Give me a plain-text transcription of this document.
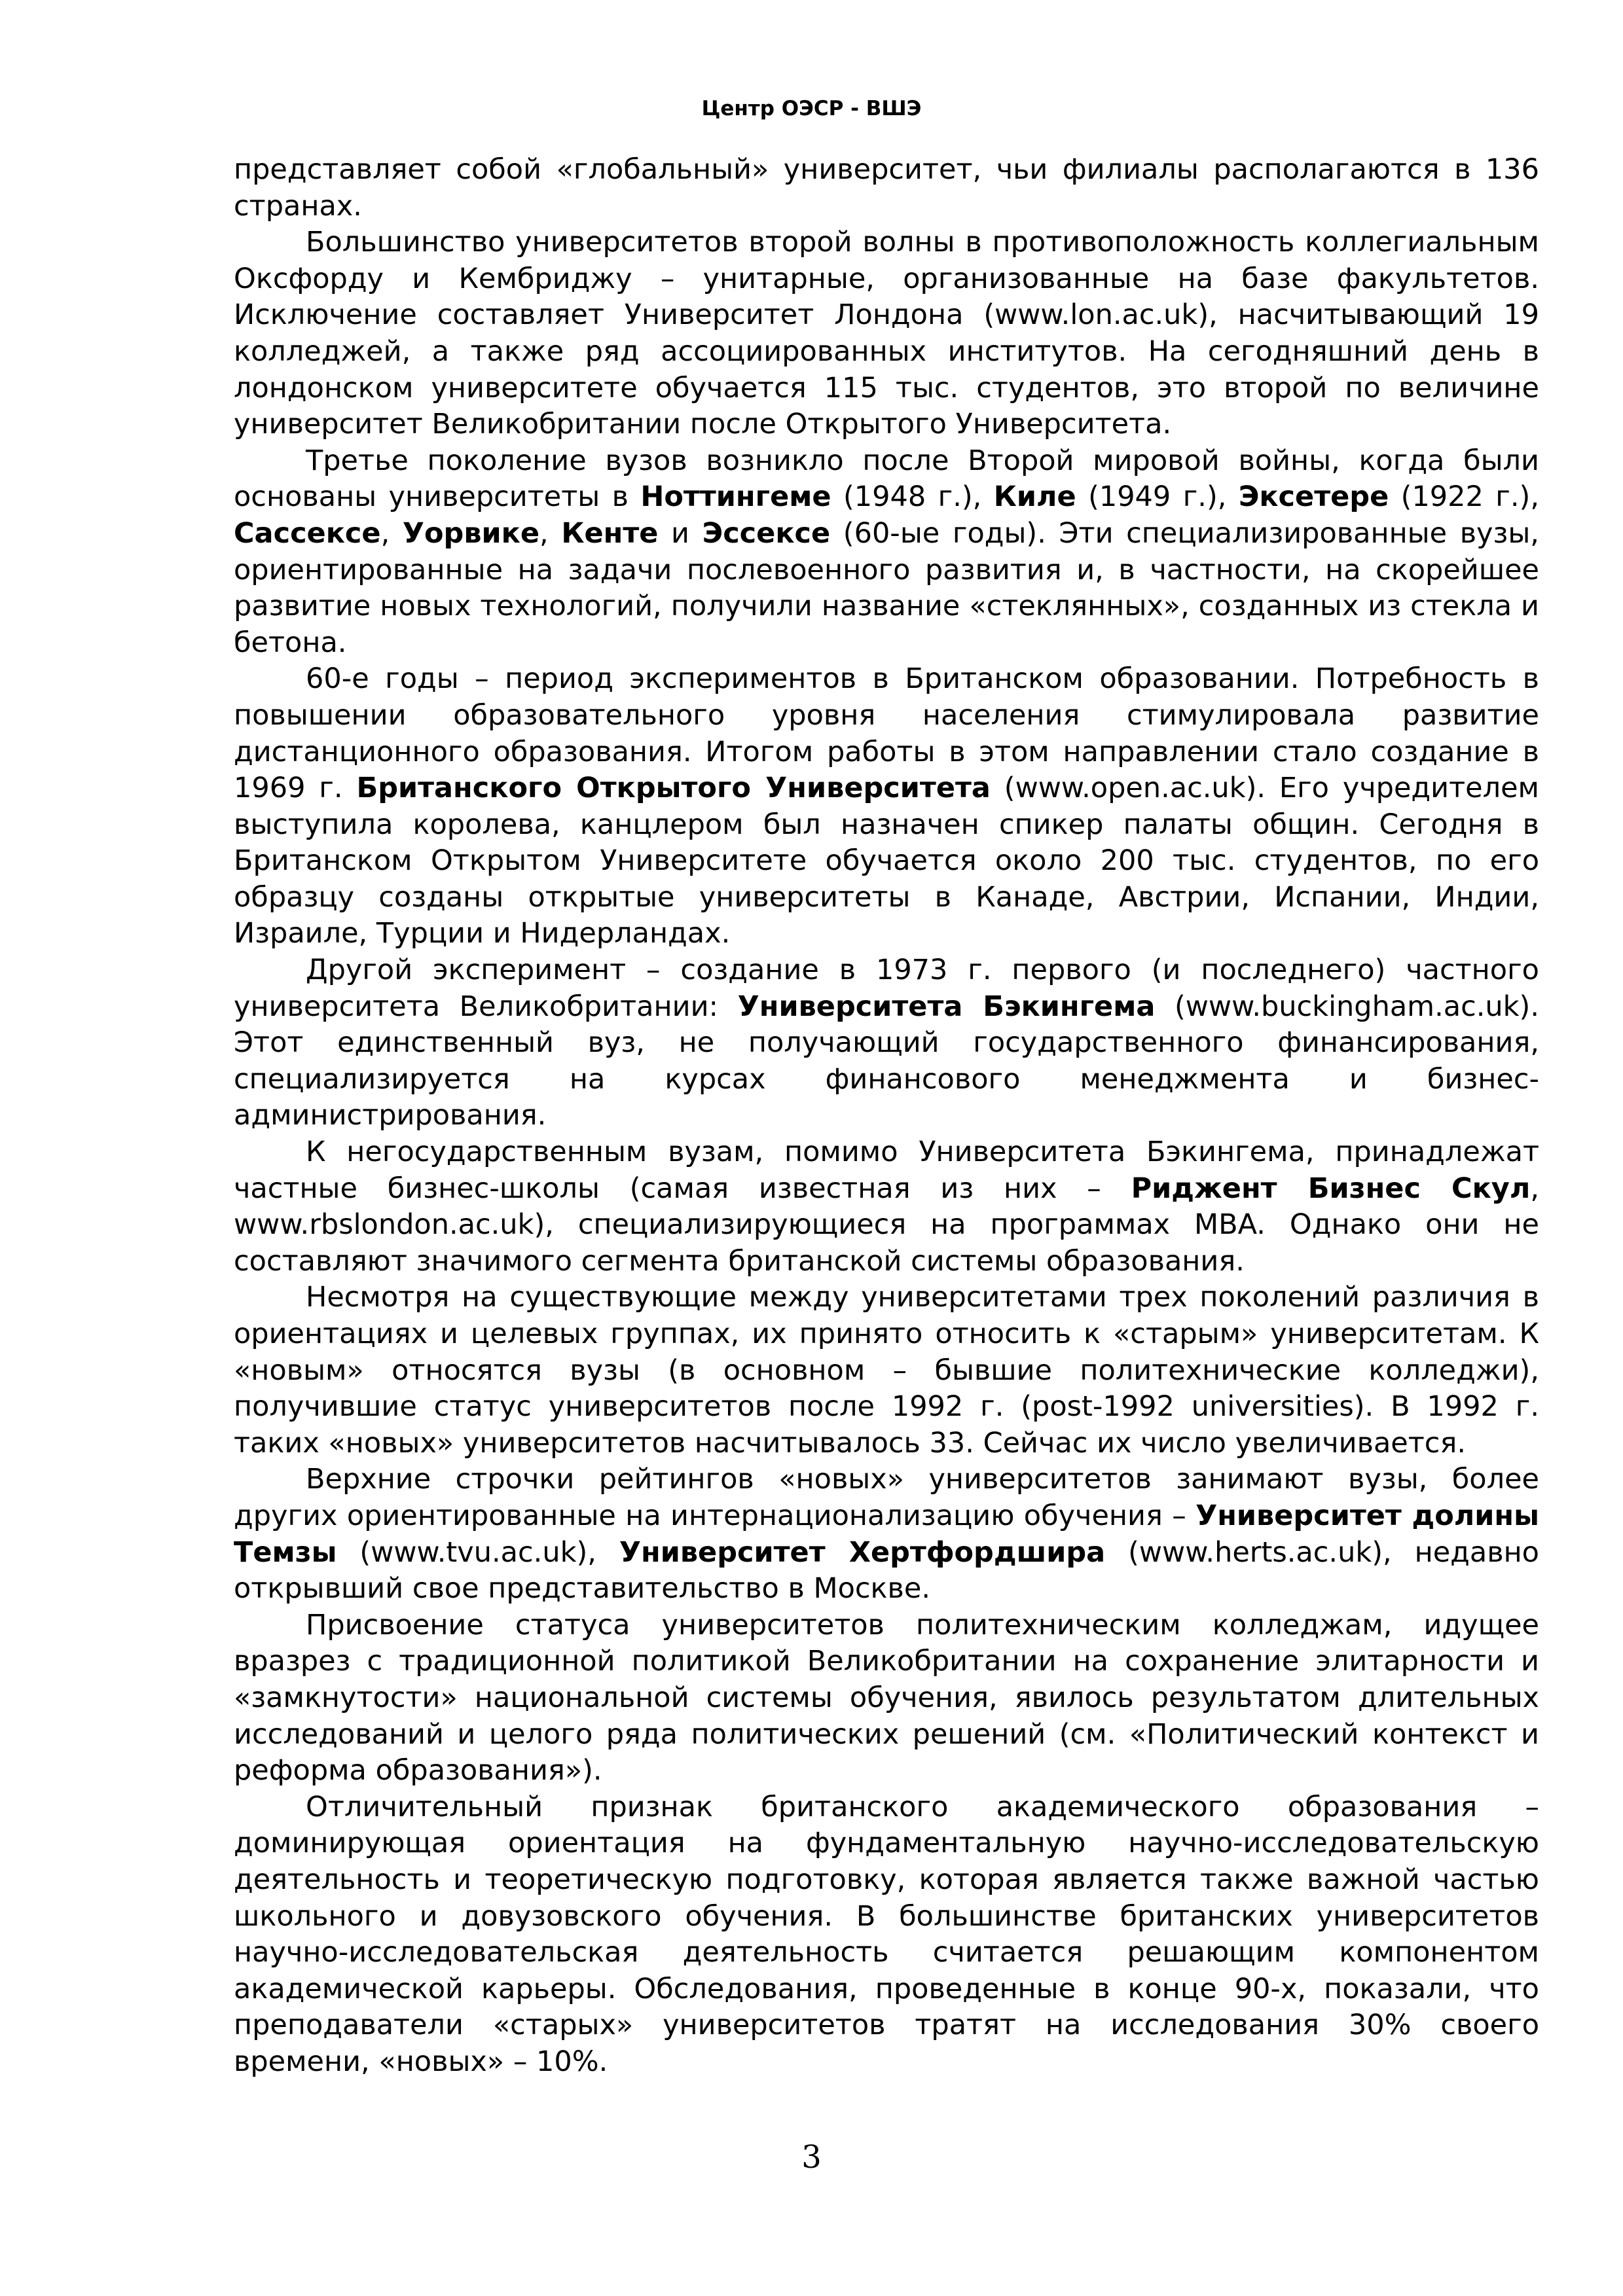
Центр ОЭСР - ВШЭ

представляет собой «глобальный» университет, чьи филиалы располагаются в 136 странах.

Большинство университетов второй волны в противоположность коллегиальным Оксфорду и Кембриджу – унитарные, организованные на базе факультетов. Исключение составляет Университет Лондона (www.lon.ac.uk), насчитывающий 19 колледжей, а также ряд ассоциированных институтов. На сегодняшний день в лондонском университете обучается 115 тыс. студентов, это второй по величине университет Великобритании после Открытого Университета.

Третье поколение вузов возникло после Второй мировой войны, когда были основаны университеты в Ноттингеме (1948 г.), Киле (1949 г.), Эксетере (1922 г.), Сассексе, Уорвике, Кенте и Эссексе (60-ые годы). Эти специализированные вузы, ориентированные на задачи послевоенного развития и, в частности, на скорейшее развитие новых технологий, получили название «стеклянных», созданных из стекла и бетона.

60-е годы – период экспериментов в Британском образовании. Потребность в повышении образовательного уровня населения стимулировала развитие дистанционного образования. Итогом работы в этом направлении стало создание в 1969 г. Британского Открытого Университета (www.open.ac.uk). Его учредителем выступила королева, канцлером был назначен спикер палаты общин. Сегодня в Британском Открытом Университете обучается около 200 тыс. студентов, по его образцу созданы открытые университеты в Канаде, Австрии, Испании, Индии, Израиле, Турции и Нидерландах.

Другой эксперимент – создание в 1973 г. первого (и последнего) частного университета Великобритании: Университета Бэкингема (www.buckingham.ac.uk). Этот единственный вуз, не получающий государственного финансирования, специализируется на курсах финансового менеджмента и бизнес-администрирования.

К негосударственным вузам, помимо Университета Бэкингема, принадлежат частные бизнес-школы (самая известная из них – Риджент Бизнес Скул, www.rbslondon.ac.uk), специализирующиеся на программах MBA. Однако они не составляют значимого сегмента британской системы образования.

Несмотря на существующие между университетами трех поколений различия в ориентациях и целевых группах, их принято относить к «старым» университетам. К «новым» относятся вузы (в основном – бывшие политехнические колледжи), получившие статус университетов после 1992 г. (post-1992 universities). В 1992 г. таких «новых» университетов насчитывалось 33. Сейчас их число увеличивается.

Верхние строчки рейтингов «новых» университетов занимают вузы, более других ориентированные на интернационализацию обучения – Университет долины Темзы (www.tvu.ac.uk), Университет Хертфордшира (www.herts.ac.uk), недавно открывший свое представительство в Москве.

Присвоение статуса университетов политехническим колледжам, идущее вразрез с традиционной политикой Великобритании на сохранение элитарности и «замкнутости» национальной системы обучения, явилось результатом длительных исследований и целого ряда политических решений (см. «Политический контекст и реформа образования»).

Отличительный признак британского академического образования – доминирующая ориентация на фундаментальную научно-исследовательскую деятельность и теоретическую подготовку, которая является также важной частью школьного и довузовского обучения. В большинстве британских университетов научно-исследовательская деятельность считается решающим компонентом академической карьеры. Обследования, проведенные в конце 90-х, показали, что преподаватели «старых» университетов тратят на исследования 30% своего времени, «новых» – 10%.

3
